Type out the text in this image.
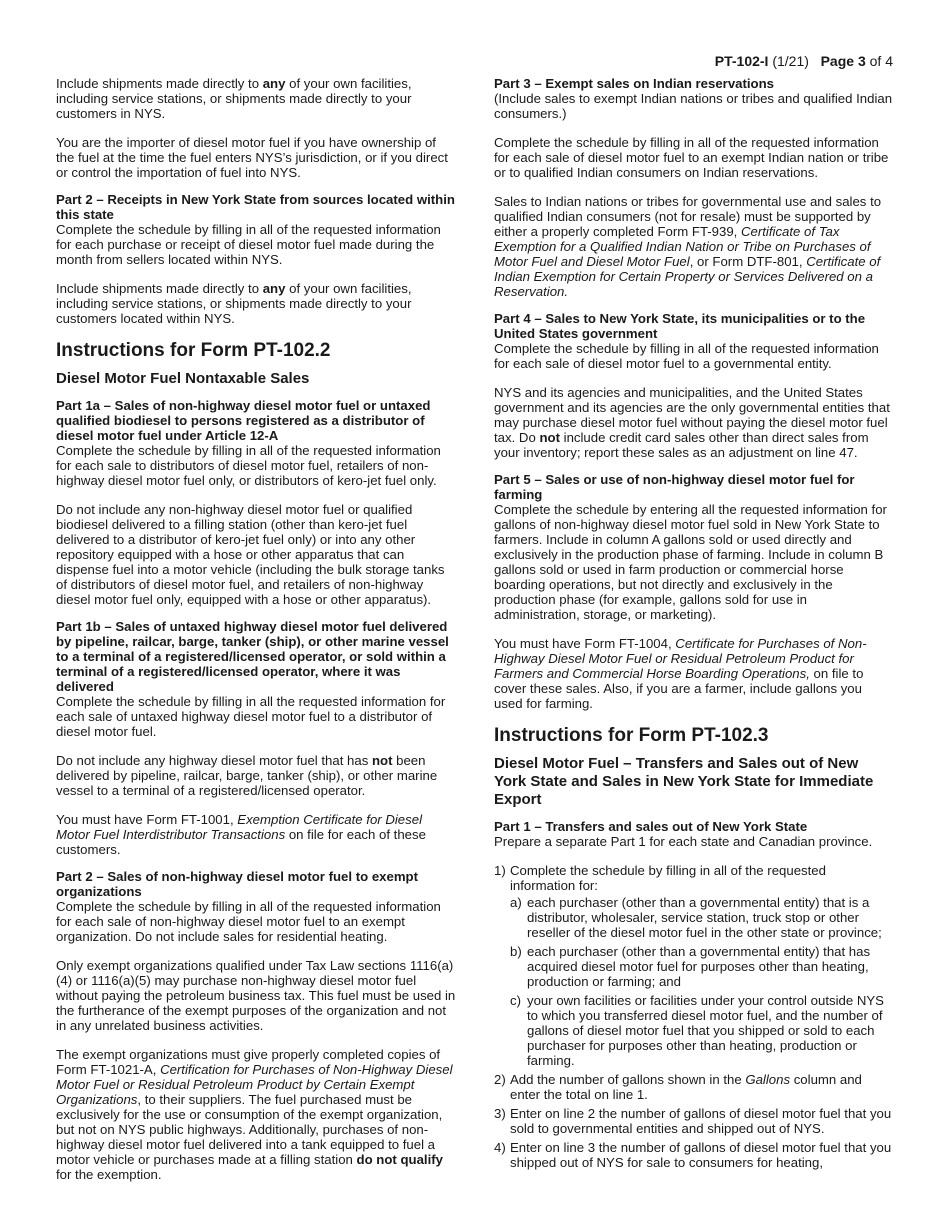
PT-102-I (1/21) Page 3 of 4

Include shipments made directly to any of your own facilities, including service stations, or shipments made directly to your customers in NYS.

You are the importer of diesel motor fuel if you have ownership of the fuel at the time the fuel enters NYS’s jurisdiction, or if you direct or control the importation of fuel into NYS.

Part 2 – Receipts in New York State from sources located within this state

Complete the schedule by filling in all of the requested information for each purchase or receipt of diesel motor fuel made during the month from sellers located within NYS.

Include shipments made directly to any of your own facilities, including service stations, or shipments made directly to your customers located within NYS.

Instructions for Form PT-102.2
Diesel Motor Fuel Nontaxable Sales
Part 1a – Sales of non-highway diesel motor fuel or untaxed qualified biodiesel to persons registered as a distributor of diesel motor fuel under Article 12-A

Complete the schedule by filling in all of the requested information for each sale to distributors of diesel motor fuel, retailers of non-highway diesel motor fuel only, or distributors of kero-jet fuel only.

Do not include any non-highway diesel motor fuel or qualified biodiesel delivered to a filling station (other than kero-jet fuel delivered to a distributor of kero-jet fuel only) or into any other repository equipped with a hose or other apparatus that can dispense fuel into a motor vehicle (including the bulk storage tanks of distributors of diesel motor fuel, and retailers of non-highway diesel motor fuel only, equipped with a hose or other apparatus).

Part 1b – Sales of untaxed highway diesel motor fuel delivered by pipeline, railcar, barge, tanker (ship), or other marine vessel to a terminal of a registered/licensed operator, or sold within a terminal of a registered/licensed operator, where it was delivered

Complete the schedule by filling in all the requested information for each sale of untaxed highway diesel motor fuel to a distributor of diesel motor fuel.

Do not include any highway diesel motor fuel that has not been delivered by pipeline, railcar, barge, tanker (ship), or other marine vessel to a terminal of a registered/licensed operator.

You must have Form FT-1001, Exemption Certificate for Diesel Motor Fuel Interdistributor Transactions on file for each of these customers.

Part 2 – Sales of non-highway diesel motor fuel to exempt organizations

Complete the schedule by filling in all of the requested information for each sale of non-highway diesel motor fuel to an exempt organization. Do not include sales for residential heating.

Only exempt organizations qualified under Tax Law sections 1116(a)(4) or 1116(a)(5) may purchase non-highway diesel motor fuel without paying the petroleum business tax. This fuel must be used in the furtherance of the exempt purposes of the organization and not in any unrelated business activities.

The exempt organizations must give properly completed copies of Form FT-1021-A, Certification for Purchases of Non-Highway Diesel Motor Fuel or Residual Petroleum Product by Certain Exempt Organizations, to their suppliers. The fuel purchased must be exclusively for the use or consumption of the exempt organization, but not on NYS public highways. Additionally, purchases of non-highway diesel motor fuel delivered into a tank equipped to fuel a motor vehicle or purchases made at a filling station do not qualify for the exemption.

Part 3 – Exempt sales on Indian reservations

(Include sales to exempt Indian nations or tribes and qualified Indian consumers.)

Complete the schedule by filling in all of the requested information for each sale of diesel motor fuel to an exempt Indian nation or tribe or to qualified Indian consumers on Indian reservations.

Sales to Indian nations or tribes for governmental use and sales to qualified Indian consumers (not for resale) must be supported by either a properly completed Form FT-939, Certificate of Tax Exemption for a Qualified Indian Nation or Tribe on Purchases of Motor Fuel and Diesel Motor Fuel, or Form DTF-801, Certificate of Indian Exemption for Certain Property or Services Delivered on a Reservation.

Part 4 – Sales to New York State, its municipalities or to the United States government

Complete the schedule by filling in all of the requested information for each sale of diesel motor fuel to a governmental entity.

NYS and its agencies and municipalities, and the United States government and its agencies are the only governmental entities that may purchase diesel motor fuel without paying the diesel motor fuel tax. Do not include credit card sales other than direct sales from your inventory; report these sales as an adjustment on line 47.

Part 5 – Sales or use of non-highway diesel motor fuel for farming

Complete the schedule by entering all the requested information for gallons of non-highway diesel motor fuel sold in New York State to farmers. Include in column A gallons sold or used directly and exclusively in the production phase of farming. Include in column B gallons sold or used in farm production or commercial horse boarding operations, but not directly and exclusively in the production phase (for example, gallons sold for use in administration, storage, or marketing).

You must have Form FT-1004, Certificate for Purchases of Non-Highway Diesel Motor Fuel or Residual Petroleum Product for Farmers and Commercial Horse Boarding Operations, on file to cover these sales. Also, if you are a farmer, include gallons you used for farming.

Instructions for Form PT-102.3
Diesel Motor Fuel – Transfers and Sales out of New York State and Sales in New York State for Immediate Export
Part 1 – Transfers and sales out of New York State

Prepare a separate Part 1 for each state and Canadian province.

1) Complete the schedule by filling in all of the requested information for:
a) each purchaser (other than a governmental entity) that is a distributor, wholesaler, service station, truck stop or other reseller of the diesel motor fuel in the other state or province;
b) each purchaser (other than a governmental entity) that has acquired diesel motor fuel for purposes other than heating, production or farming; and
c) your own facilities or facilities under your control outside NYS to which you transferred diesel motor fuel, and the number of gallons of diesel motor fuel that you shipped or sold to each purchaser for purposes other than heating, production or farming.
2) Add the number of gallons shown in the Gallons column and enter the total on line 1.
3) Enter on line 2 the number of gallons of diesel motor fuel that you sold to governmental entities and shipped out of NYS.
4) Enter on line 3 the number of gallons of diesel motor fuel that you shipped out of NYS for sale to consumers for heating,
